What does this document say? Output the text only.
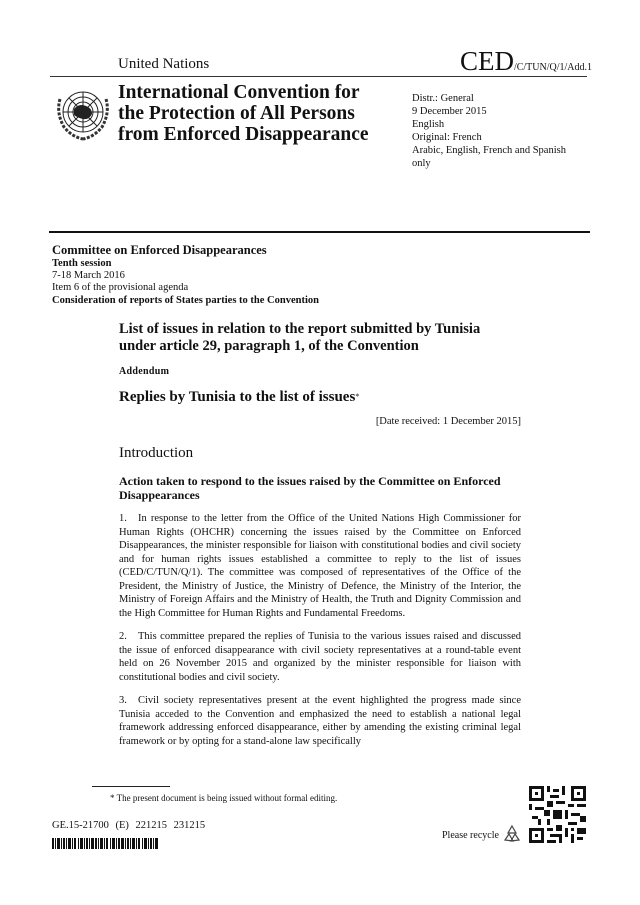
United Nations	CED/C/TUN/Q/1/Add.1
International Convention for
the Protection of All Persons
from Enforced Disappearance
Distr.: General
9 December 2015
English
Original: French
Arabic, English, French and Spanish
only
Committee on Enforced Disappearances
Tenth session
7-18 March 2016
Item 6 of the provisional agenda
Consideration of reports of States parties to the Convention
List of issues in relation to the report submitted by Tunisia
under article 29, paragraph 1, of the Convention
Addendum
Replies by Tunisia to the list of issues*
[Date received: 1 December 2015]
Introduction
Action taken to respond to the issues raised by the Committee on Enforced Disappearances
1. In response to the letter from the Office of the United Nations High Commissioner for Human Rights (OHCHR) concerning the issues raised by the Committee on Enforced Disappearances, the minister responsible for liaison with constitutional bodies and civil society and for human rights issues established a committee to reply to the list of issues (CED/C/TUN/Q/1). The committee was composed of representatives of the Office of the President, the Ministry of Justice, the Ministry of Defence, the Ministry of the Interior, the Ministry of Foreign Affairs and the Ministry of Health, the Truth and Dignity Commission and the High Committee for Human Rights and Fundamental Freedoms.
2. This committee prepared the replies of Tunisia to the various issues raised and discussed the issue of enforced disappearance with civil society representatives at a round-table event held on 26 November 2015 and organized by the minister responsible for liaison with constitutional bodies and civil society.
3. Civil society representatives present at the event highlighted the progress made since Tunisia acceded to the Convention and emphasized the need to establish a national legal framework addressing enforced disappearance, either by amending the existing criminal legal framework or by opting for a stand-alone law specifically
* The present document is being issued without formal editing.
GE.15-21700 (E) 221215 231215
Please recycle
